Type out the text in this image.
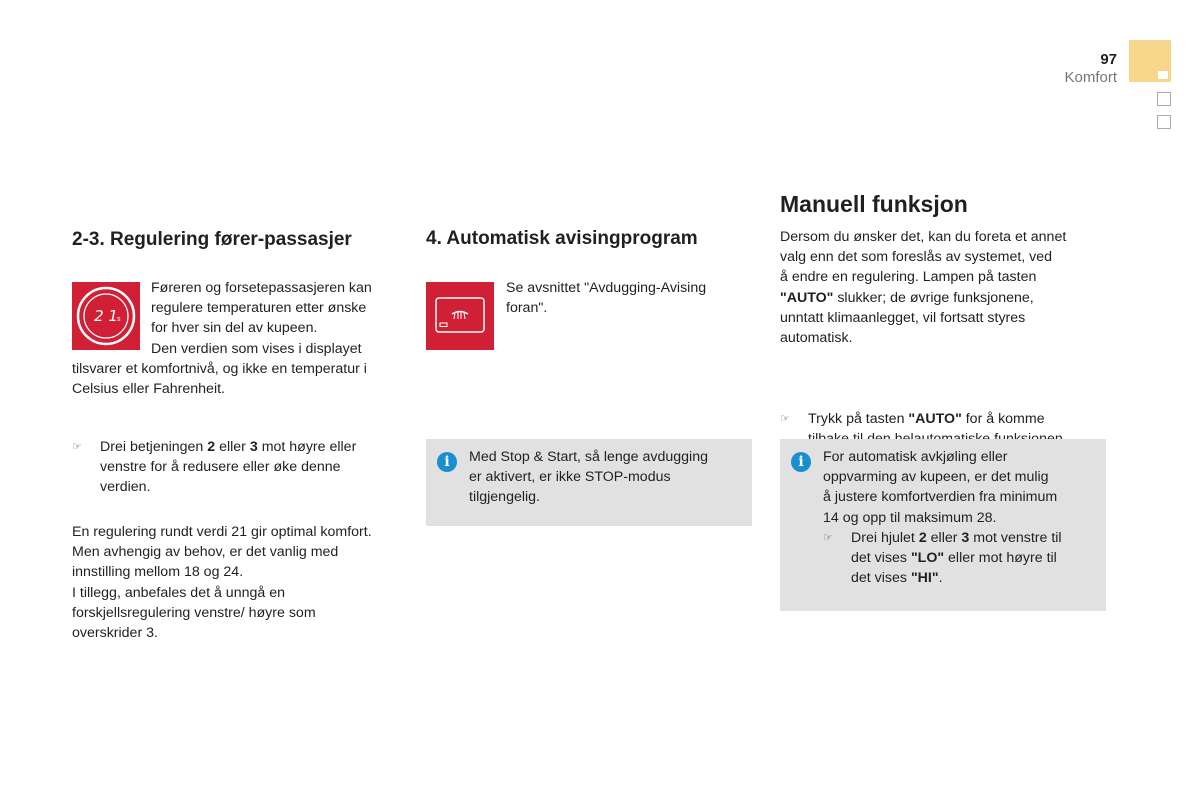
97
Komfort
2-3. Regulering fører-passasjer
2 1 s

Føreren og forsetepassasjeren kan

regulere temperaturen etter ønske

for hver sin del av kupeen.

Den verdien som vises i displayet

tilsvarer et komfortnivå, og ikke en temperatur i

Celsius eller Fahrenheit.

☞ Drei betjeningen 2 eller 3 mot høyre eller

venstre for å redusere eller øke denne

verdien.

En regulering rundt verdi 21 gir optimal komfort.

Men avhengig av behov, er det vanlig med

innstilling mellom 18 og 24.

I tillegg, anbefales det å unngå en

forskjellsregulering venstre/ høyre som

overskrider 3.

4. Automatisk avisingprogram

Se avsnittet "Avdugging-Avising

foran".

i	Med Stop & Start, så lenge avdugging

er aktivert, er ikke STOP-modus

tilgjengelig.

Manuell funksjon

Dersom du ønsker det, kan du foreta et annet

valg enn det som foreslås av systemet, ved

å endre en regulering. Lampen på tasten

"AUTO" slukker; de øvrige funksjonene,

unntatt klimaanlegget, vil fortsatt styres

automatisk.

☞ Trykk på tasten "AUTO" for å komme

i	For automatisk avkjøling eller

oppvarming av kupeen, er det mulig

å justere komfortverdien fra minimum

14 og opp til maksimum 28.

☞ Drei hjulet 2 eller 3 mot venstre til

det vises "LO" eller mot høyre til

det vises "HI".
